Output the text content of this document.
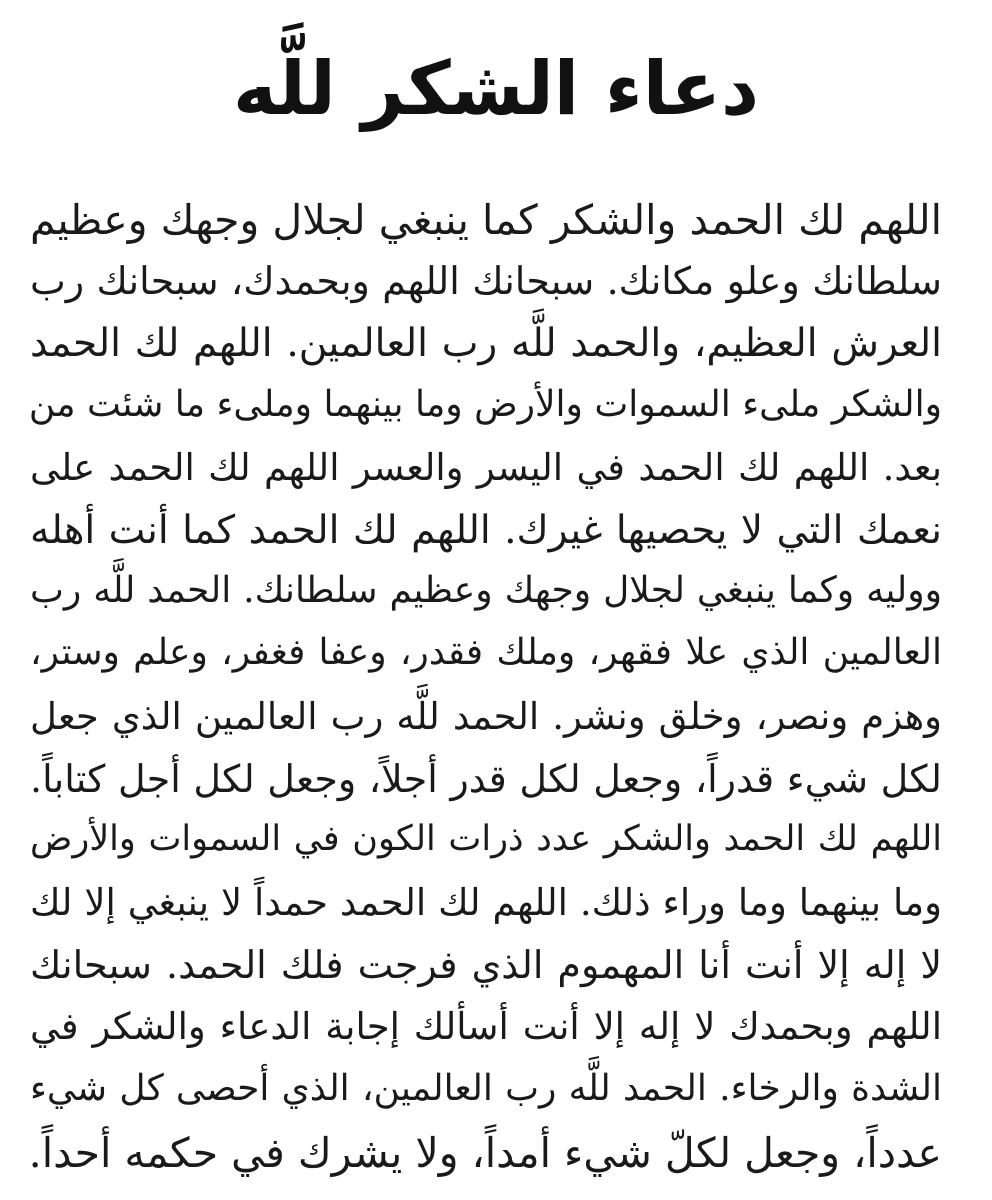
دعاء الشكر للَّه
اللهم لك الحمد والشكر كما ينبغي لجلال وجهك وعظيم
سلطانك وعلو مكانك. سبحانك اللهم وبحمدك، سبحانك رب
العرش العظيم، والحمد للَّه رب العالمين. اللهم لك الحمد
والشكر ملىء السموات والأرض وما بينهما وملىء ما شئت من
بعد. اللهم لك الحمد في اليسر والعسر اللهم لك الحمد على
نعمك التي لا يحصيها غيرك. اللهم لك الحمد كما أنت أهله
ووليه وكما ينبغي لجلال وجهك وعظيم سلطانك. الحمد للَّه رب
العالمين الذي علا فقهر، وملك فقدر، وعفا فغفر، وعلم وستر،
وهزم ونصر، وخلق ونشر. الحمد للَّه رب العالمين الذي جعل
لكل شيء قدراً، وجعل لكل قدر أجلاً، وجعل لكل أجل كتاباً.
اللهم لك الحمد والشكر عدد ذرات الكون في السموات والأرض
وما بينهما وما وراء ذلك. اللهم لك الحمد حمداً لا ينبغي إلا لك
لا إله إلا أنت أنا المهموم الذي فرجت فلك الحمد. سبحانك
اللهم وبحمدك لا إله إلا أنت أسألك إجابة الدعاء والشكر في
الشدة والرخاء. الحمد للَّه رب العالمين، الذي أحصى كل شيء
عدداً، وجعل لكلّ شيء أمداً، ولا يشرك في حكمه أحداً.
